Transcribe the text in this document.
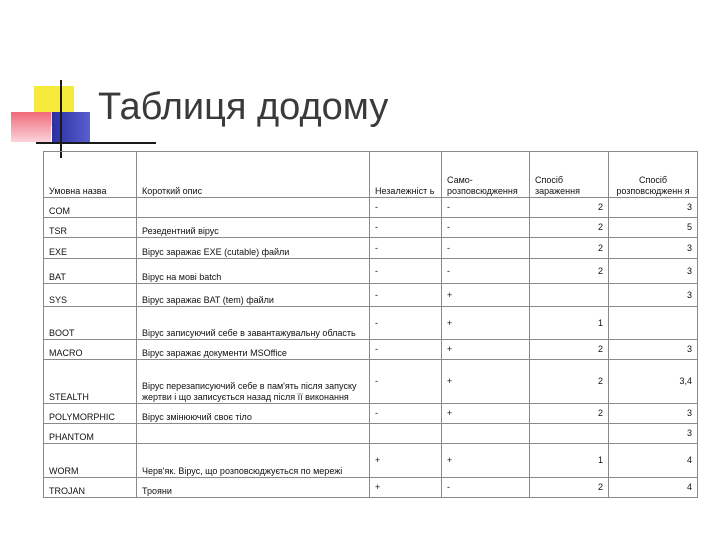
Таблиця додому
Умовна назва	Короткий опис	Незалежніст ь	Само-розповсюдження	Спосіб зараження	Спосіб розповсюдженн я
COM		-	-	2	3
TSR	Резедентний вірус	-	-	2	5
EXE	Вірус заражає EXE (cutable) файли	-	-	2	3
BAT	Вірус на мові batch	-	-	2	3
SYS	Вірус заражає BAT (tem) файли	-	+		3
BOOT	Вірус записуючий себе в завантажувальну область	-	+	1	
MACRO	Вірус заражає документи MSOffice	-	+	2	3
STEALTH	Вірус перезаписуючий себе в пам'ять після запуску жертви і що записується назад після її виконання	-	+	2	3,4
POLYMORPHIC	Вірус змінюючий своє тіло	-	+	2	3
PHANTOM					3
WORM	Черв'як. Вірус, що розповсюджується по мережі	+	+	1	4
TROJAN	Трояни	+	-	2	4
